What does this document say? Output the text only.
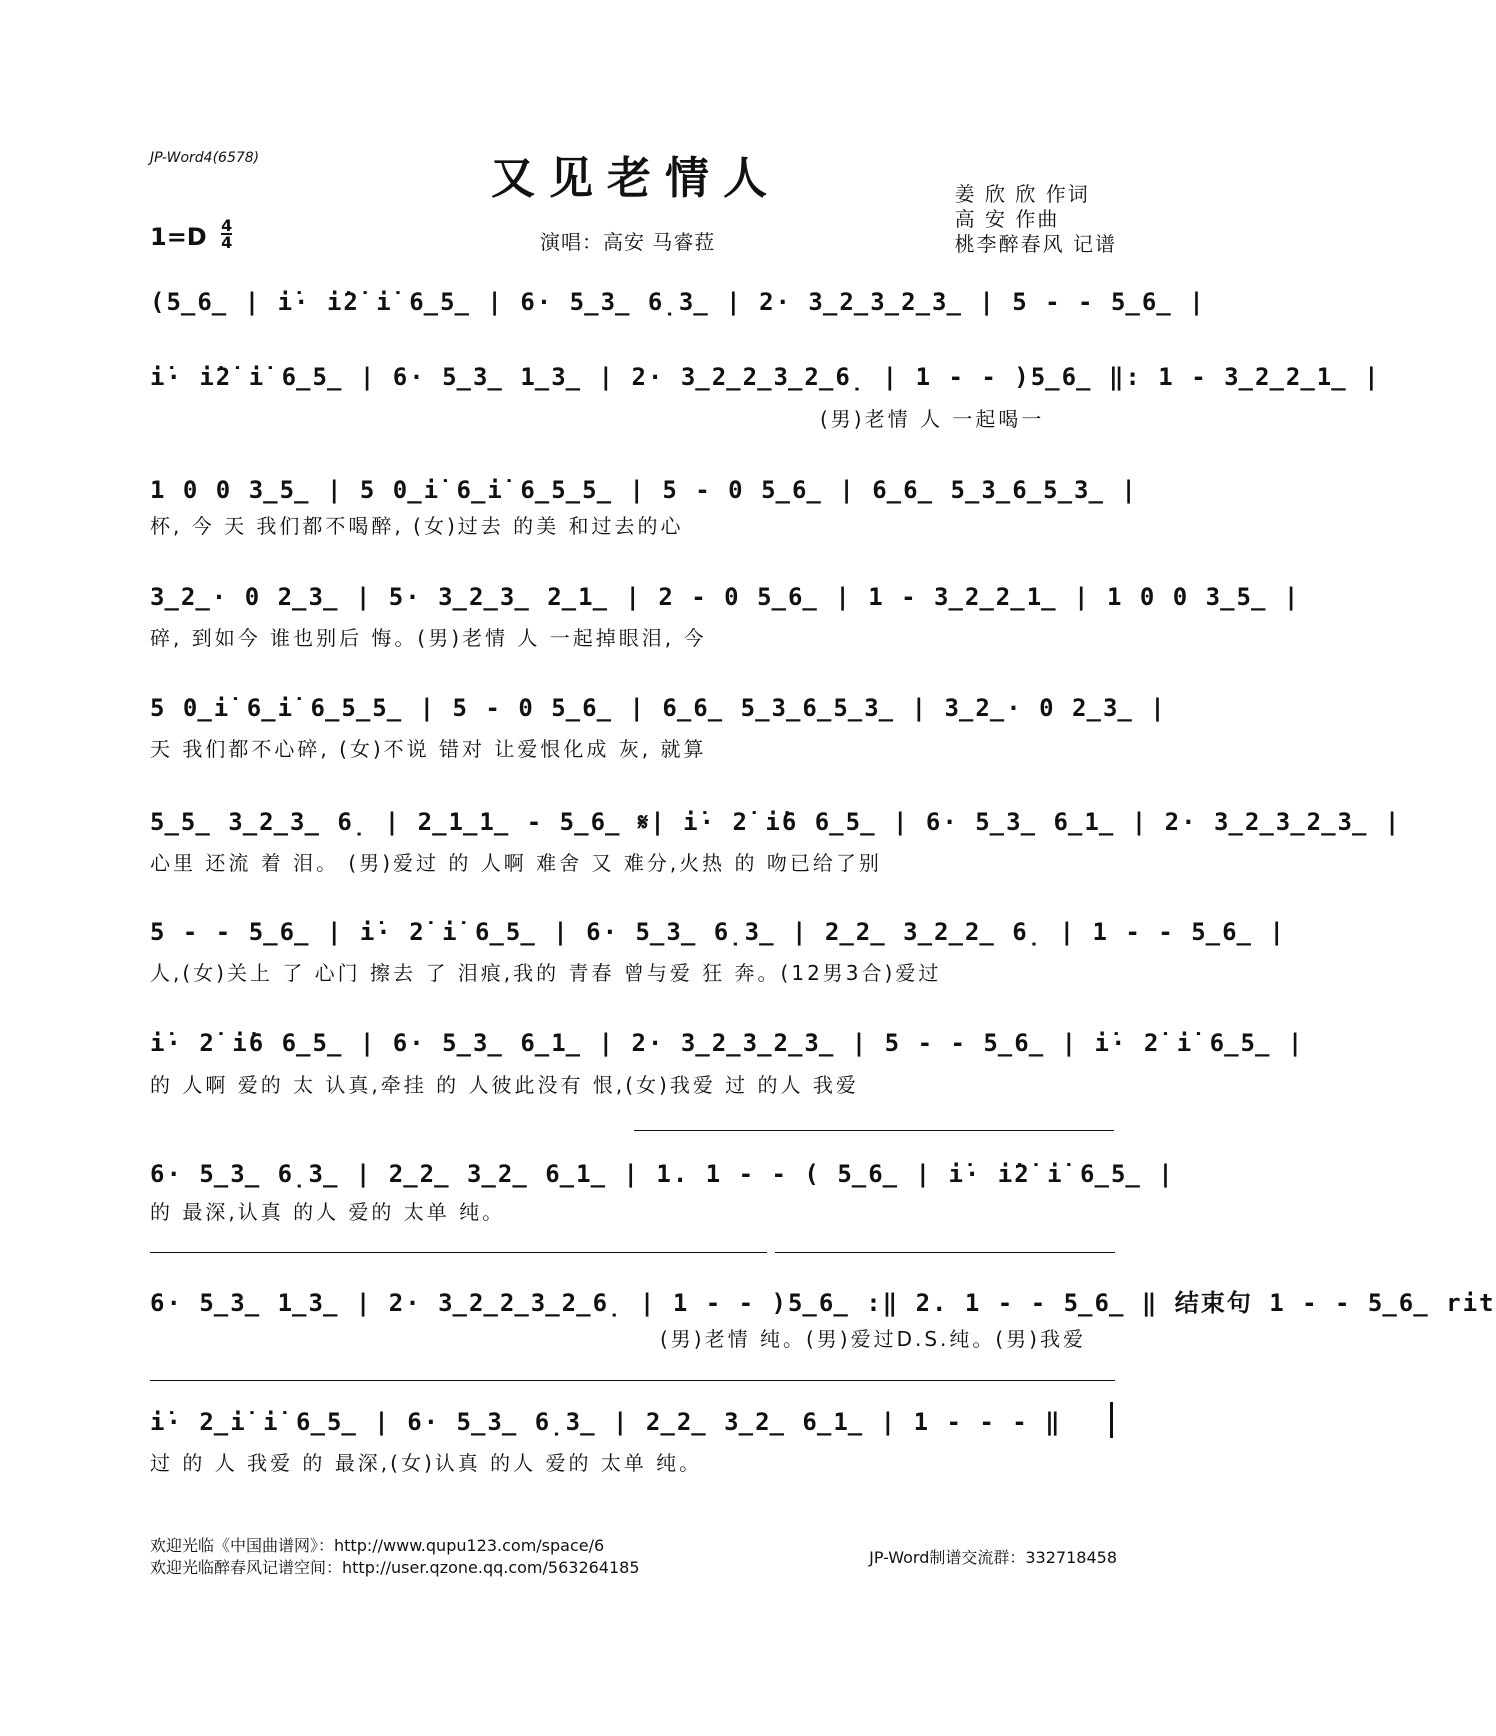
JP-Word4(6578)	又见老情人	姜 欣 欣 作词
高 安 作曲
桃李醉春风 记谱
$1=D \frac{4}{4}$	演唱：高安 马睿菈
(5̲6̲ | i̇· i̇2̇ i̇ 6̲5̲ | 6· 5̲3̲ 6̣3̲ | 2· 3̲2̲3̲2̲3̲ | 5 - - 5̲6̲ |
i̇· i̇2̇ i̇ 6̲5̲ | 6· 5̲3̲ 1̲3̲ | 2· 3̲2̲2̲3̲2̲6̣ | 1 - - )5̲6̲ ‖: 1 - 3̲2̲2̲1̲ |
(男)老情 人 一起喝一
1 0 0 3̲5̲ | 5 0̲i̇ 6̲i̇ 6̲5̲5̲ | 5 - 0 5̲6̲ | 6̲6̲ 5̲3̲6̲5̲3̲ |
杯, 今 天 我们都不喝醉, (女)过去 的美 和过去的心
3̲2̲· 0 2̲3̲ | 5· 3̲2̲3̲ 2̲1̲ | 2 - 0 5̲6̲ | 1 - 3̲2̲2̲1̲ | 1 0 0 3̲5̲ |
碎, 到如今 谁也别后 悔。(男)老情 人 一起掉眼泪, 今
5 0̲i̇ 6̲i̇ 6̲5̲5̲ | 5 - 0 5̲6̲ | 6̲6̲ 5̲3̲6̲5̲3̲ | 3̲2̲· 0 2̲3̲ |
天 我们都不心碎, (女)不说 错对 让爱恨化成 灰, 就算
5̲5̲ 3̲2̲3̲ 6̣ | 2̲1̲1̲ - 5̲6̲ 𝄋| i̇· 2̇ i̇6 6̲5̲ | 6· 5̲3̲ 6̲1̲ | 2· 3̲2̲3̲2̲3̲ |
心里 还流 着 泪。 (男)爱过 的 人啊 难舍 又 难分,火热 的 吻已给了别
5 - - 5̲6̲ | i̇· 2̇ i̇ 6̲5̲ | 6· 5̲3̲ 6̣3̲ | 2̲2̲ 3̲2̲2̲ 6̣ | 1 - - 5̲6̲ |
人,(女)关上 了 心门 擦去 了 泪痕,我的 青春 曾与爱 狂 奔。(12男3合)爱过
i̇· 2̇ i̇6 6̲5̲ | 6· 5̲3̲ 6̲1̲ | 2· 3̲2̲3̲2̲3̲ | 5 - - 5̲6̲ | i̇· 2̇ i̇ 6̲5̲ |
的 人啊 爱的 太 认真,牵挂 的 人彼此没有 恨,(女)我爱 过 的人 我爱
6· 5̲3̲ 6̣3̲ | 2̲2̲ 3̲2̲ 6̲1̲ | 1. 1 - - ( 5̲6̲ | i̇· i̇2̇ i̇ 6̲5̲ |
的 最深,认真 的人 爱的 太单 纯。
6· 5̲3̲ 1̲3̲ | 2· 3̲2̲2̲3̲2̲6̣ | 1 - - )5̲6̲ :‖ 2. 1 - - 5̲6̲ ‖ 结束句 1 - - 5̲6̲ rit
(男)老情 纯。(男)爱过D.S.纯。(男)我爱
i̇· 2̲i̇ i̇ 6̲5̲ | 6· 5̲3̲ 6̣3̲ | 2̲2̲ 3̲2̲ 6̲1̲ | 1 - - - ‖
过 的 人 我爱 的 最深,(女)认真 的人 爱的 太单 纯。
欢迎光临《中国曲谱网》：http://www.qupu123.com/space/6
欢迎光临醉春风记谱空间：http://user.qzone.qq.com/563264185
JP-Word制谱交流群：332718458
